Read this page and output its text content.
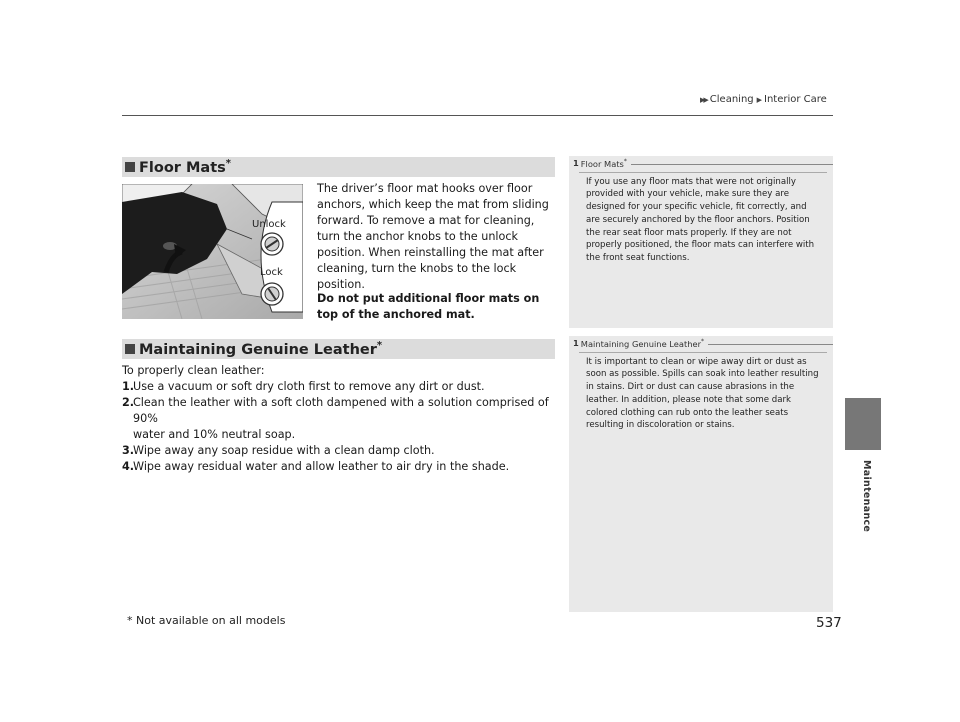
▶▶ Cleaning ▶ Interior Care
Maintenance
Floor Mats*
Unlock
Lock
The driver’s floor mat hooks over floor anchors, which keep the mat from sliding forward. To remove a mat for cleaning, turn the anchor knobs to the unlock position. When reinstalling the mat after cleaning, turn the knobs to the lock position.
Do not put additional floor mats on top of the anchored mat.
Maintaining Genuine Leather*
To properly clean leather:
1.
Use a vacuum or soft dry cloth first to remove any dirt or dust.
2.
Clean the leather with a soft cloth dampened with a solution comprised of 90%
water and 10% neutral soap.
3.
Wipe away any soap residue with a clean damp cloth.
4.
Wipe away residual water and allow leather to air dry in the shade.
1 Floor Mats*
If you use any floor mats that were not originally provided with your vehicle, make sure they are designed for your specific vehicle, fit correctly, and are securely anchored by the floor anchors. Position the rear seat floor mats properly. If they are not properly positioned, the floor mats can interfere with the front seat functions.
1 Maintaining Genuine Leather*
It is important to clean or wipe away dirt or dust as soon as possible. Spills can soak into leather resulting in stains. Dirt or dust can cause abrasions in the leather. In addition, please note that some dark colored clothing can rub onto the leather seats resulting in discoloration or stains.
* Not available on all models	537
